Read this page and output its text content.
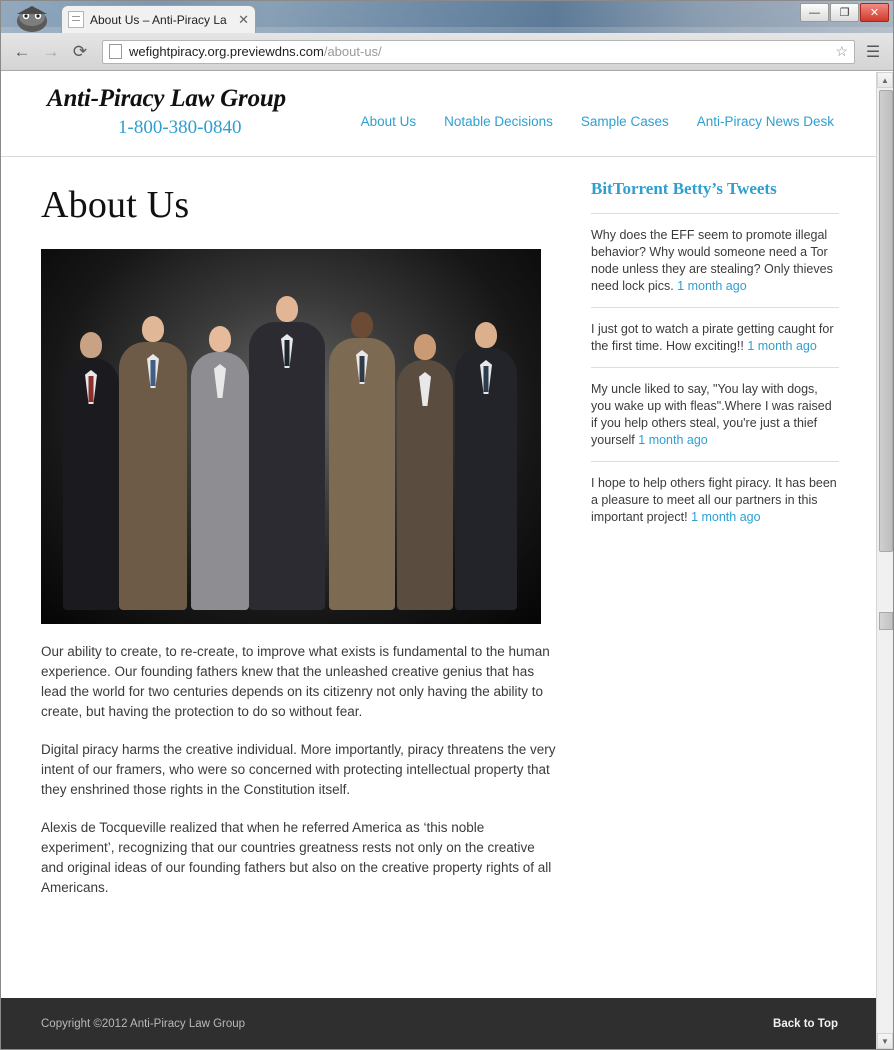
About Us – Anti-Piracy La ✕	—	❐	✕
← → ⟳	wefightpiracy.org.previewdns.com/about-us/	☆	☰
Anti-Piracy Law Group
1-800-380-0840	About Us Notable Decisions Sample Cases Anti-Piracy News Desk
About Us

Our ability to create, to re-create, to improve what exists is fundamental to the human experience. Our founding fathers knew that the unleashed creative genius that has lead the world for two centuries depends on its citizenry not only having the ability to create, but having the protection to do so without fear.

Digital piracy harms the creative individual. More importantly, piracy threatens the very intent of our framers, who were so concerned with protecting intellectual property that they enshrined those rights in the Constitution itself.

Alexis de Tocqueville realized that when he referred America as ‘this noble experiment’, recognizing that our countries greatness rests not only on the creative and original ideas of our founding fathers but also on the creative property rights of all Americans.

BitTorrent Betty’s Tweets
Why does the EFF seem to promote illegal behavior? Why would someone need a Tor node unless they are stealing? Only thieves need lock pics. 1 month ago
I just got to watch a pirate getting caught for the first time. How exciting!! 1 month ago
My uncle liked to say, "You lay with dogs, you wake up with fleas".Where I was raised if you help others steal, you're just a thief yourself 1 month ago
I hope to help others fight piracy. It has been a pleasure to meet all our partners in this important project! 1 month ago
Copyright ©2012 Anti-Piracy Law Group	Back to Top
▲
▼
